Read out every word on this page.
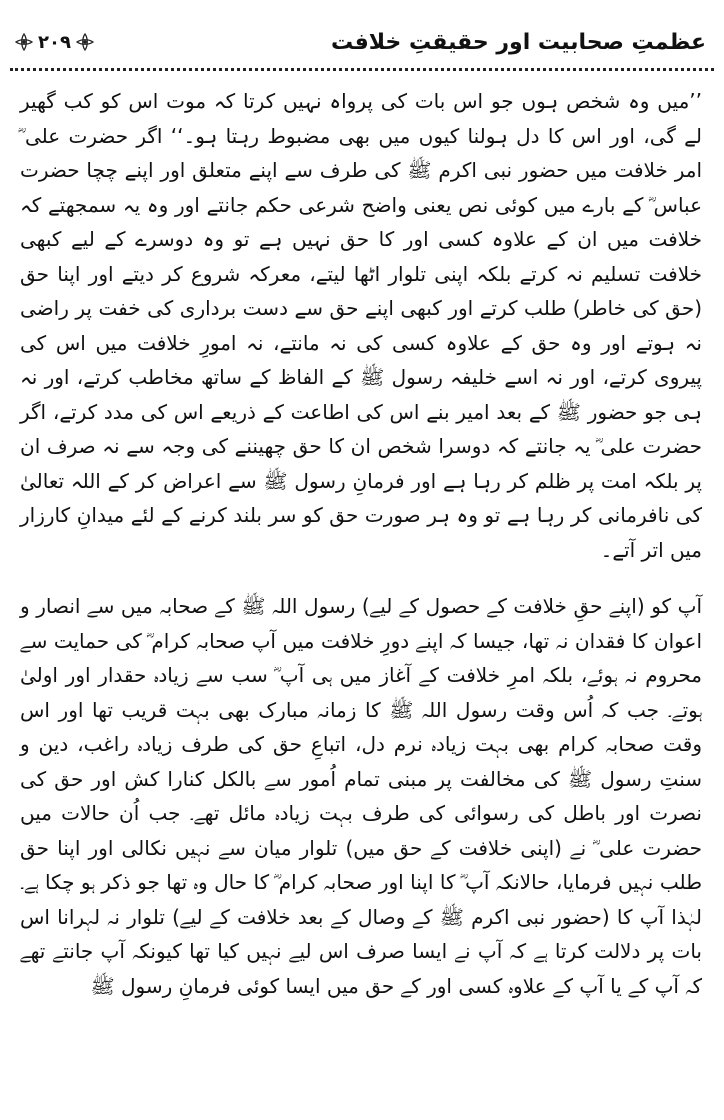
عظمتِ صحابیت اور حقیقتِ خلافت
۲۰۹

’’میں وہ شخص ہوں جو اس بات کی پرواہ نہیں کرتا کہ موت اس کو کب گھیر لے گی، اور اس کا دل ہولنا کیوں میں بھی مضبوط رہتا ہو۔‘‘ اگر حضرت علی ؓ امر خلافت میں حضور نبی اکرم ﷺ کی طرف سے اپنے متعلق اور اپنے چچا حضرت عباس ؓ کے بارے میں کوئی نص یعنی واضح شرعی حکم جانتے اور وہ یہ سمجھتے کہ خلافت میں ان کے علاوہ کسی اور کا حق نہیں ہے تو وہ دوسرے کے لیے کبھی خلافت تسلیم نہ کرتے بلکہ اپنی تلوار اٹھا لیتے، معرکہ شروع کر دیتے اور اپنا حق (حق کی خاطر) طلب کرتے اور کبھی اپنے حق سے دست برداری کی خفت پر راضی نہ ہوتے اور وہ حق کے علاوہ کسی کی نہ مانتے، نہ امورِ خلافت میں اس کی پیروی کرتے، اور نہ اسے خلیفہ رسول ﷺ کے الفاظ کے ساتھ مخاطب کرتے، اور نہ ہی جو حضور ﷺ کے بعد امیر بنے اس کی اطاعت کے ذریعے اس کی مدد کرتے، اگر حضرت علی ؓ یہ جانتے کہ دوسرا شخص ان کا حق چھیننے کی وجہ سے نہ صرف ان پر بلکہ امت پر ظلم کر رہا ہے اور فرمانِ رسول ﷺ سے اعراض کر کے اللہ تعالیٰ کی نافرمانی کر رہا ہے تو وہ ہر صورت حق کو سر بلند کرنے کے لئے میدانِ کارزار میں اتر آتے۔

آپ کو (اپنے حقِ خلافت کے حصول کے لیے) رسول اللہ ﷺ کے صحابہ میں سے انصار و اعوان کا فقدان نہ تھا، جیسا کہ اپنے دورِ خلافت میں آپ صحابہ کرام ؓ کی حمایت سے محروم نہ ہوئے، بلکہ امرِ خلافت کے آغاز میں ہی آپ ؓ سب سے زیادہ حقدار اور اولیٰ ہوتے۔ جب کہ اُس وقت رسول اللہ ﷺ کا زمانہ مبارک بھی بہت قریب تھا اور اس وقت صحابہ کرام بھی بہت زیادہ نرم دل، اتباعِ حق کی طرف زیادہ راغب، دین و سنتِ رسول ﷺ کی مخالفت پر مبنی تمام اُمور سے بالکل کنارا کش اور حق کی نصرت اور باطل کی رسوائی کی طرف بہت زیادہ مائل تھے۔ جب اُن حالات میں حضرت علی ؓ نے (اپنی خلافت کے حق میں) تلوار میان سے نہیں نکالی اور اپنا حق طلب نہیں فرمایا، حالانکہ آپ ؓ کا اپنا اور صحابہ کرام ؓ کا حال وہ تھا جو ذکر ہو چکا ہے۔ لہٰذا آپ کا (حضور نبی اکرم ﷺ کے وصال کے بعد خلافت کے لیے) تلوار نہ لہرانا اس بات پر دلالت کرتا ہے کہ آپ نے ایسا صرف اس لیے نہیں کیا تھا کیونکہ آپ جانتے تھے کہ آپ کے یا آپ کے علاوہ کسی اور کے حق میں ایسا کوئی فرمانِ رسول ﷺ
